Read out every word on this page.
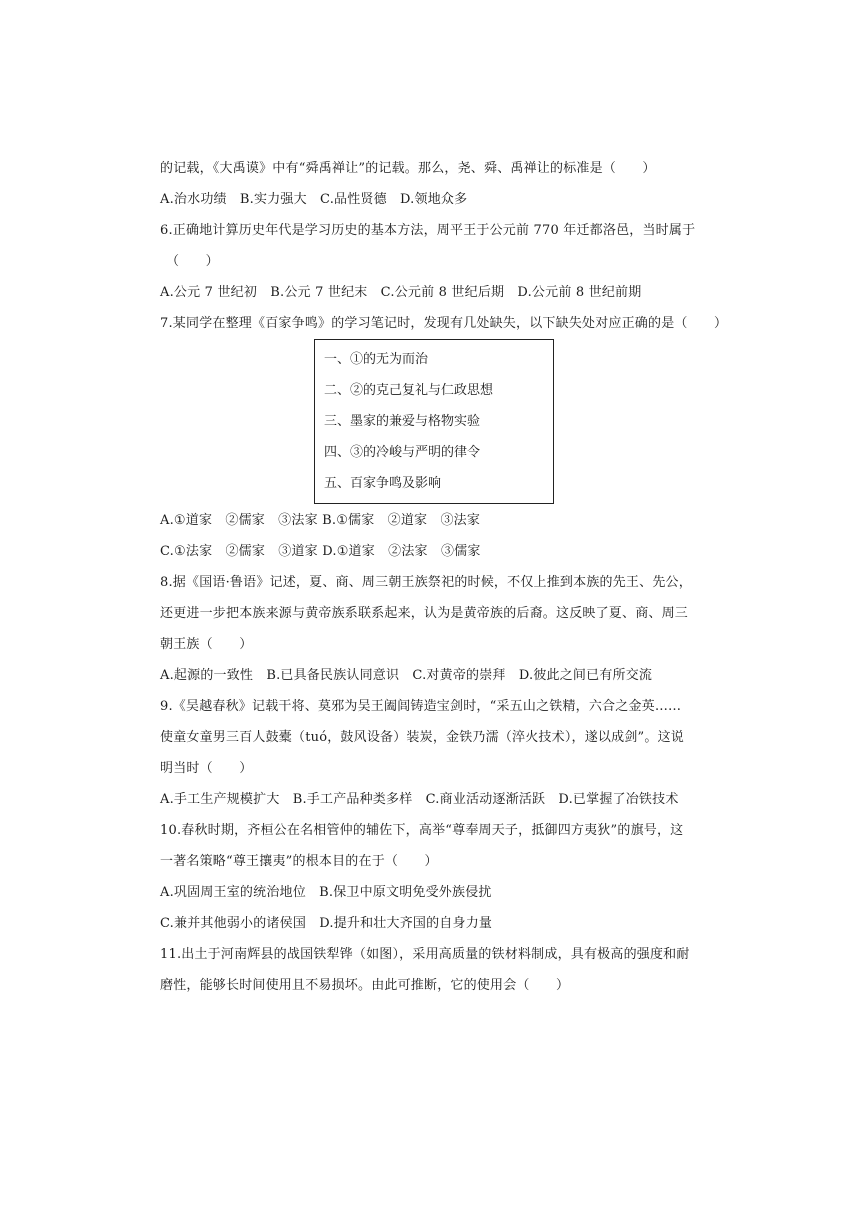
的记载，《大禹谟》中有“舜禹禅让”的记载。那么，尧、舜、禹禅让的标准是（　　）
A.治水功绩　B.实力强大　C.品性贤德　D.领地众多
6.正确地计算历史年代是学习历史的基本方法，周平王于公元前 770 年迁都洛邑，当时属于
（　　）
A.公元 7 世纪初　B.公元 7 世纪末　C.公元前 8 世纪后期　D.公元前 8 世纪前期
7.某同学在整理《百家争鸣》的学习笔记时，发现有几处缺失，以下缺失处对应正确的是（　　）
一、①的无为而治
二、②的克己复礼与仁政思想
三、墨家的兼爱与格物实验
四、③的冷峻与严明的律令
五、百家争鸣及影响
A.①道家　②儒家　③法家 B.①儒家　②道家　③法家
C.①法家　②儒家　③道家 D.①道家　②法家　③儒家
8.据《国语·鲁语》记述，夏、商、周三朝王族祭祀的时候，不仅上推到本族的先王、先公，
还更进一步把本族来源与黄帝族系联系起来，认为是黄帝族的后裔。这反映了夏、商、周三
朝王族（　　）
A.起源的一致性　B.已具备民族认同意识　C.对黄帝的崇拜　D.彼此之间已有所交流
9.《吴越春秋》记载干将、莫邪为吴王阖闾铸造宝剑时，“采五山之铁精，六合之金英……
使童女童男三百人鼓橐（tuó，鼓风设备）装炭，金铁乃濡（淬火技术），遂以成剑”。这说
明当时（　　）
A.手工生产规模扩大　B.手工产品种类多样　C.商业活动逐渐活跃　D.已掌握了冶铁技术
10.春秋时期，齐桓公在名相管仲的辅佐下，高举“尊奉周天子，抵御四方夷狄”的旗号，这
一著名策略“尊王攘夷”的根本目的在于（　　）
A.巩固周王室的统治地位　B.保卫中原文明免受外族侵扰
C.兼并其他弱小的诸侯国　D.提升和壮大齐国的自身力量
11.出土于河南辉县的战国铁犁铧（如图），采用高质量的铁材料制成，具有极高的强度和耐
磨性，能够长时间使用且不易损坏。由此可推断，它的使用会（　　）
